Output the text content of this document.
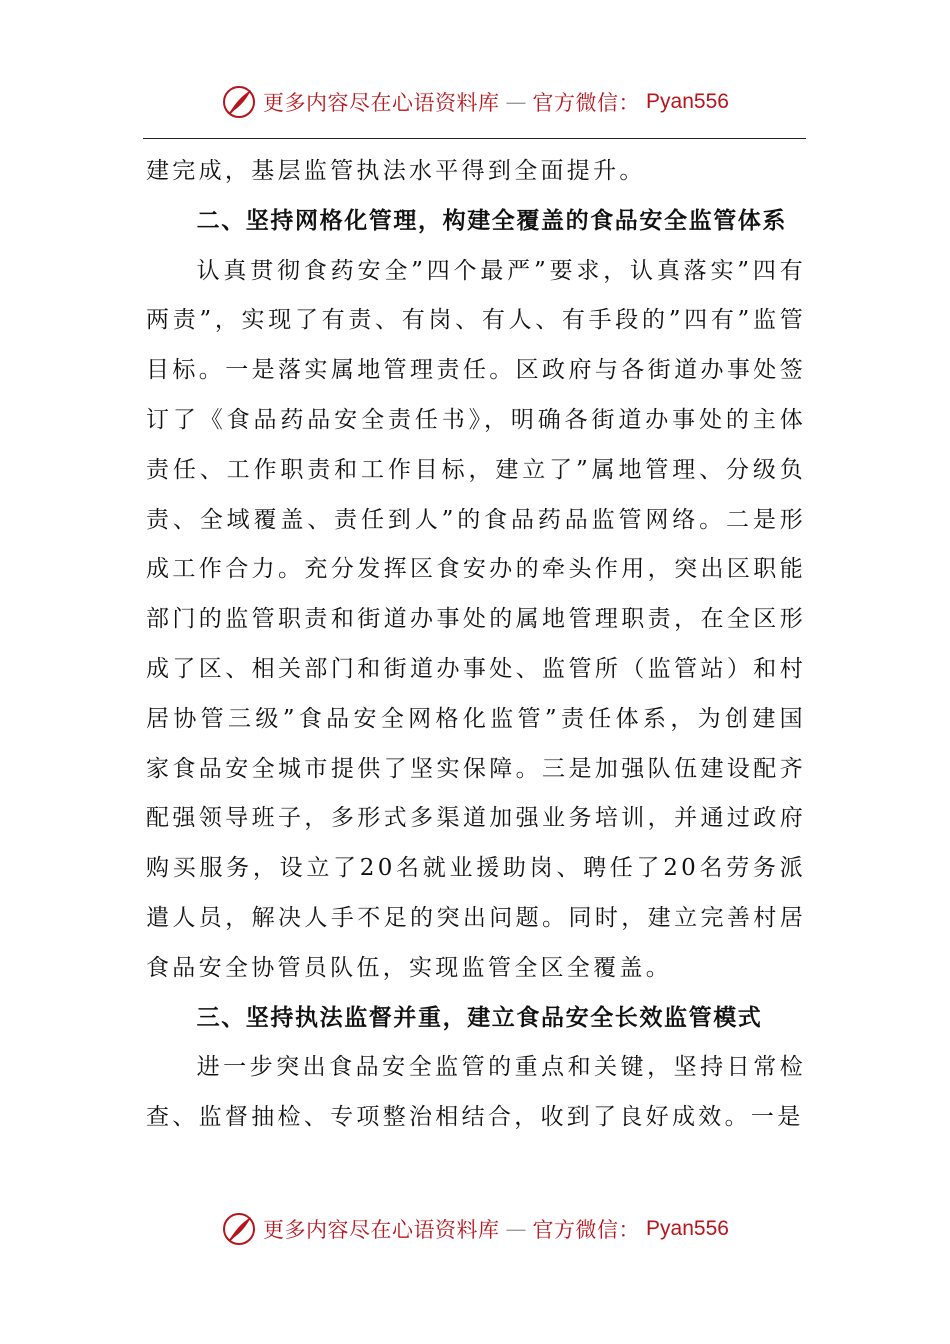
更多内容尽在心语资料库 — 官方微信： Pyan556

建完成，基层监管执法水平得到全面提升。

二、坚持网格化管理，构建全覆盖的食品安全监管体系

认真贯彻食药安全”四个最严”要求，认真落实”四有两责”，实现了有责、有岗、有人、有手段的”四有”监管目标。一是落实属地管理责任。区政府与各街道办事处签订了《食品药品安全责任书》，明确各街道办事处的主体责任、工作职责和工作目标，建立了”属地管理、分级负责、全域覆盖、责任到人”的食品药品监管网络。二是形成工作合力。充分发挥区食安办的牵头作用，突出区职能部门的监管职责和街道办事处的属地管理职责，在全区形成了区、相关部门和街道办事处、监管所（监管站）和村居协管三级”食品安全网格化监管”责任体系，为创建国家食品安全城市提供了坚实保障。三是加强队伍建设配齐配强领导班子，多形式多渠道加强业务培训，并通过政府购买服务，设立了20名就业援助岗、聘任了20名劳务派遣人员，解决人手不足的突出问题。同时，建立完善村居食品安全协管员队伍，实现监管全区全覆盖。

三、坚持执法监督并重，建立食品安全长效监管模式

进一步突出食品安全监管的重点和关键，坚持日常检查、监督抽检、专项整治相结合，收到了良好成效。一是

更多内容尽在心语资料库 — 官方微信： Pyan556
